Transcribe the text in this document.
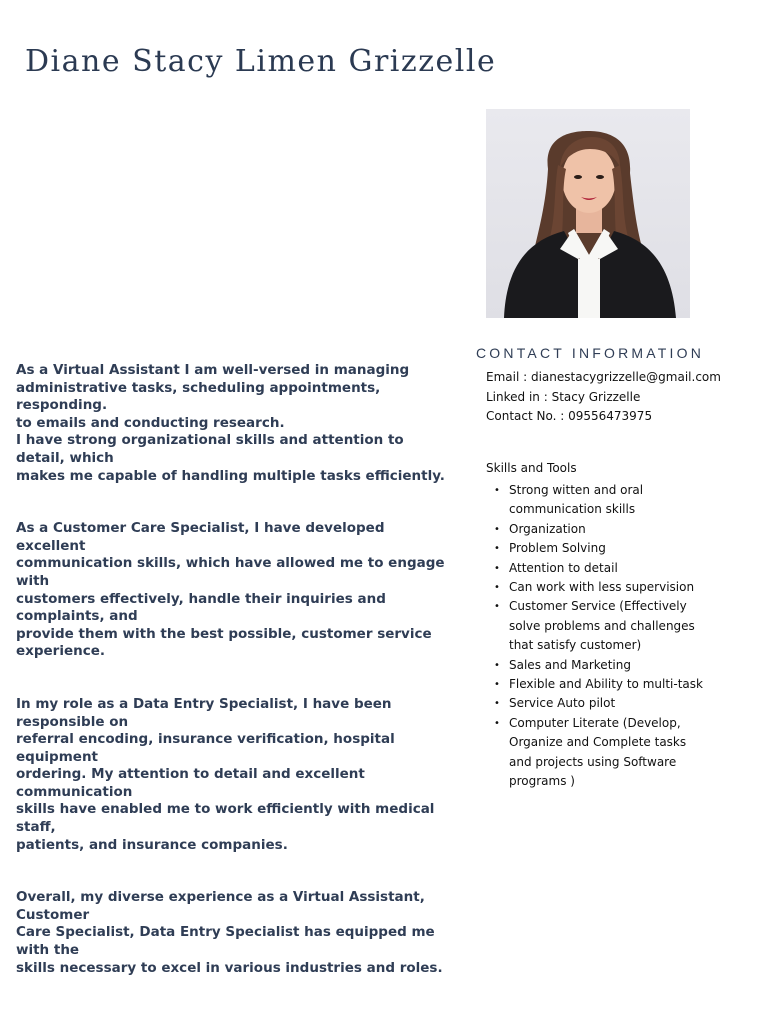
Diane Stacy Limen Grizzelle

As a Virtual Assistant I am well-versed in managing
administrative tasks, scheduling appointments, responding.
to emails and conducting research.
I have strong organizational skills and attention to detail, which
makes me capable of handling multiple tasks efficiently.

As a Customer Care Specialist, I have developed excellent
communication skills, which have allowed me to engage with
customers effectively, handle their inquiries and complaints, and
provide them with the best possible, customer service
experience.

In my role as a Data Entry Specialist, I have been responsible on
referral encoding, insurance verification, hospital equipment
ordering. My attention to detail and excellent communication
skills have enabled me to work efficiently with medical staff,
patients, and insurance companies.

Overall, my diverse experience as a Virtual Assistant, Customer
Care Specialist, Data Entry Specialist has equipped me with the
skills necessary to excel in various industries and roles.

CONTACT INFORMATION
Email : dianestacygrizzelle@gmail.com
Linked in : Stacy Grizzelle
Contact No. : 09556473975
Skills and Tools
• Strong witten and oral communication skills
• Organization
• Problem Solving
• Attention to detail
• Can work with less supervision
• Customer Service (Effectively solve problems and challenges that satisfy customer)
• Sales and Marketing
• Flexible and Ability to multi-task
• Service Auto pilot
• Computer Literate (Develop, Organize and Complete tasks and projects using Software programs )
